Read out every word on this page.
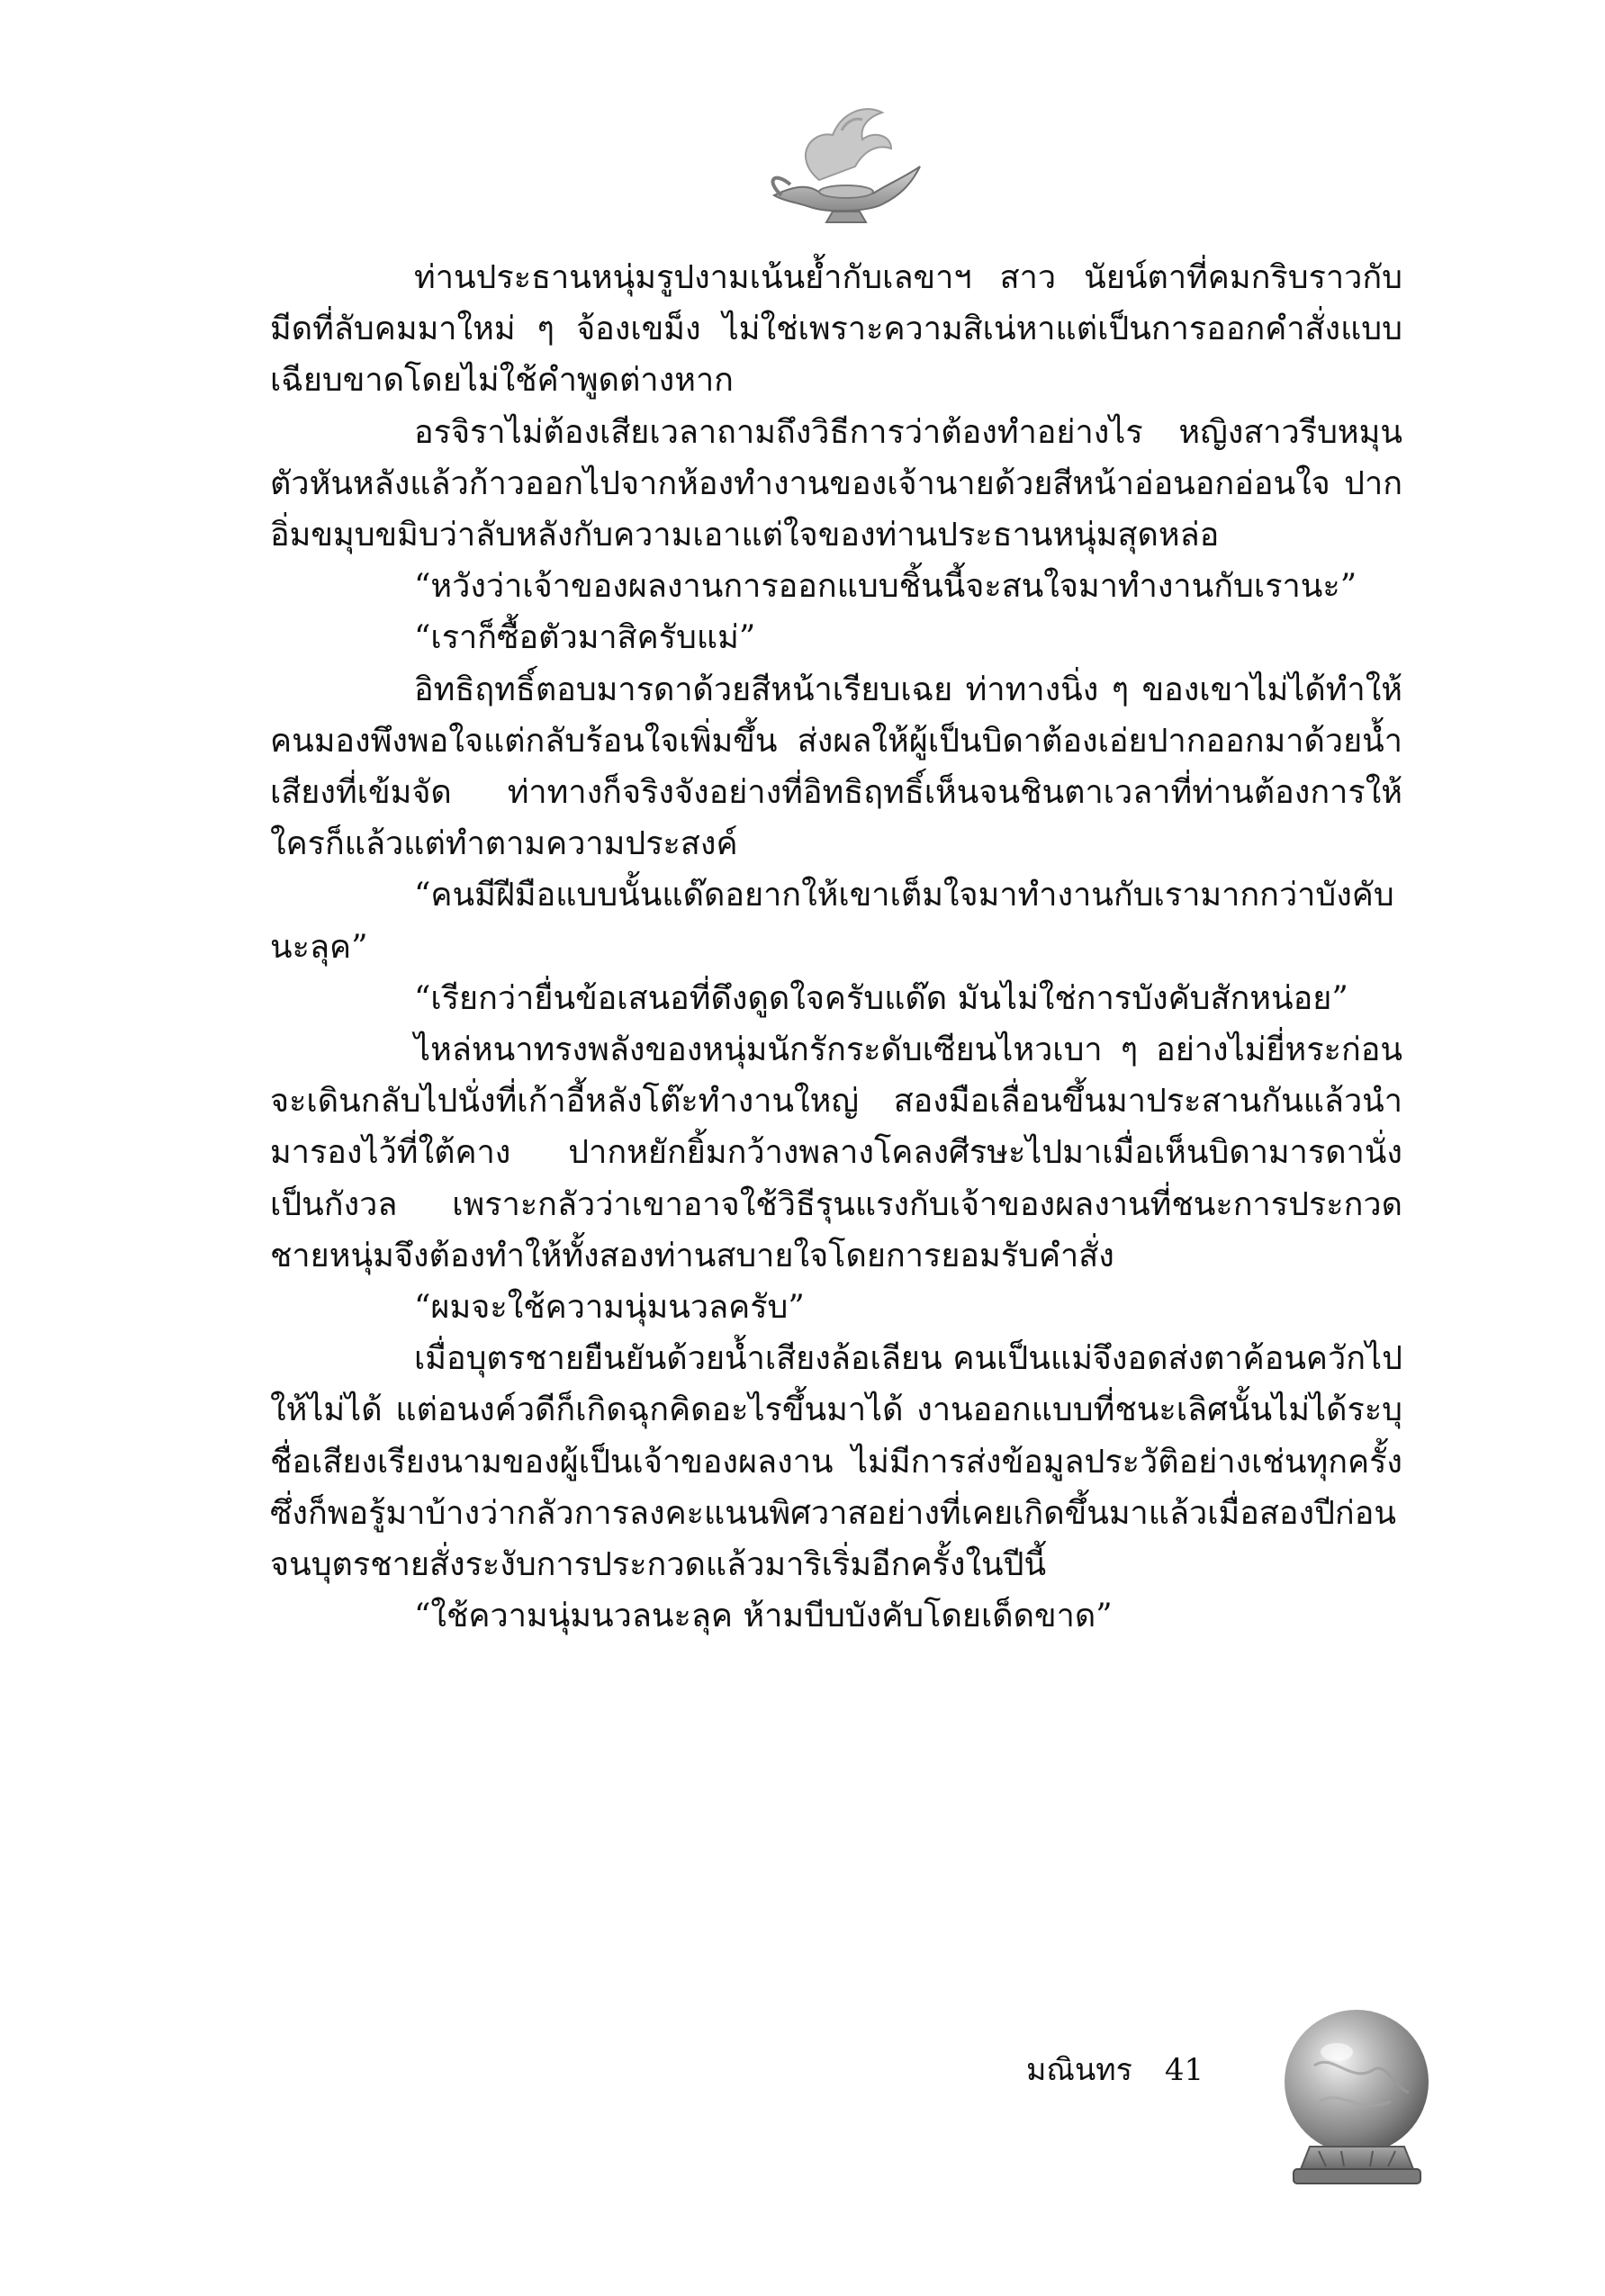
ท่านประธานหนุ่มรูปงามเน้นย้ำกับเลขาฯ สาว นัยน์ตาที่คมกริบราวกับมีดที่ลับคมมาใหม่ ๆ จ้องเขม็ง ไม่ใช่เพราะความสิเน่หาแต่เป็นการออกคำสั่งแบบเฉียบขาดโดยไม่ใช้คำพูดต่างหาก

อรจิราไม่ต้องเสียเวลาถามถึงวิธีการว่าต้องทำอย่างไร หญิงสาวรีบหมุนตัวหันหลังแล้วก้าวออกไปจากห้องทำงานของเจ้านายด้วยสีหน้าอ่อนอกอ่อนใจ ปากอิ่มขมุบขมิบว่าลับหลังกับความเอาแต่ใจของท่านประธานหนุ่มสุดหล่อ

“หวังว่าเจ้าของผลงานการออกแบบชิ้นนี้จะสนใจมาทำงานกับเรานะ”

“เราก็ซื้อตัวมาสิครับแม่”

อิทธิฤทธิ์ตอบมารดาด้วยสีหน้าเรียบเฉย ท่าทางนิ่ง ๆ ของเขาไม่ได้ทำให้คนมองพึงพอใจแต่กลับร้อนใจเพิ่มขึ้น ส่งผลให้ผู้เป็นบิดาต้องเอ่ยปากออกมาด้วยน้ำเสียงที่เข้มจัด ท่าทางก็จริงจังอย่างที่อิทธิฤทธิ์เห็นจนชินตาเวลาที่ท่านต้องการให้ใครก็แล้วแต่ทำตามความประสงค์

“คนมีฝีมือแบบนั้นแด๊ดอยากให้เขาเต็มใจมาทำงานกับเรามากกว่าบังคับนะลุค”

“เรียกว่ายื่นข้อเสนอที่ดึงดูดใจครับแด๊ด มันไม่ใช่การบังคับสักหน่อย”

ไหล่หนาทรงพลังของหนุ่มนักรักระดับเซียนไหวเบา ๆ อย่างไม่ยี่หระก่อนจะเดินกลับไปนั่งที่เก้าอี้หลังโต๊ะทำงานใหญ่ สองมือเลื่อนขึ้นมาประสานกันแล้วนำมารองไว้ที่ใต้คาง ปากหยักยิ้มกว้างพลางโคลงศีรษะไปมาเมื่อเห็นบิดามารดานั่งเป็นกังวล เพราะกลัวว่าเขาอาจใช้วิธีรุนแรงกับเจ้าของผลงานที่ชนะการประกวด ชายหนุ่มจึงต้องทำให้ทั้งสองท่านสบายใจโดยการยอมรับคำสั่ง

“ผมจะใช้ความนุ่มนวลครับ”

เมื่อบุตรชายยืนยันด้วยน้ำเสียงล้อเลียน คนเป็นแม่จึงอดส่งตาค้อนควักไปให้ไม่ได้ แต่อนงค์วดีก็เกิดฉุกคิดอะไรขึ้นมาได้ งานออกแบบที่ชนะเลิศนั้นไม่ได้ระบุชื่อเสียงเรียงนามของผู้เป็นเจ้าของผลงาน ไม่มีการส่งข้อมูลประวัติอย่างเช่นทุกครั้ง ซึ่งก็พอรู้มาบ้างว่ากลัวการลงคะแนนพิศวาสอย่างที่เคยเกิดขึ้นมาแล้วเมื่อสองปีก่อน จนบุตรชายสั่งระงับการประกวดแล้วมาริเริ่มอีกครั้งในปีนี้

“ใช้ความนุ่มนวลนะลุค ห้ามบีบบังคับโดยเด็ดขาด”

มณินทร 41
